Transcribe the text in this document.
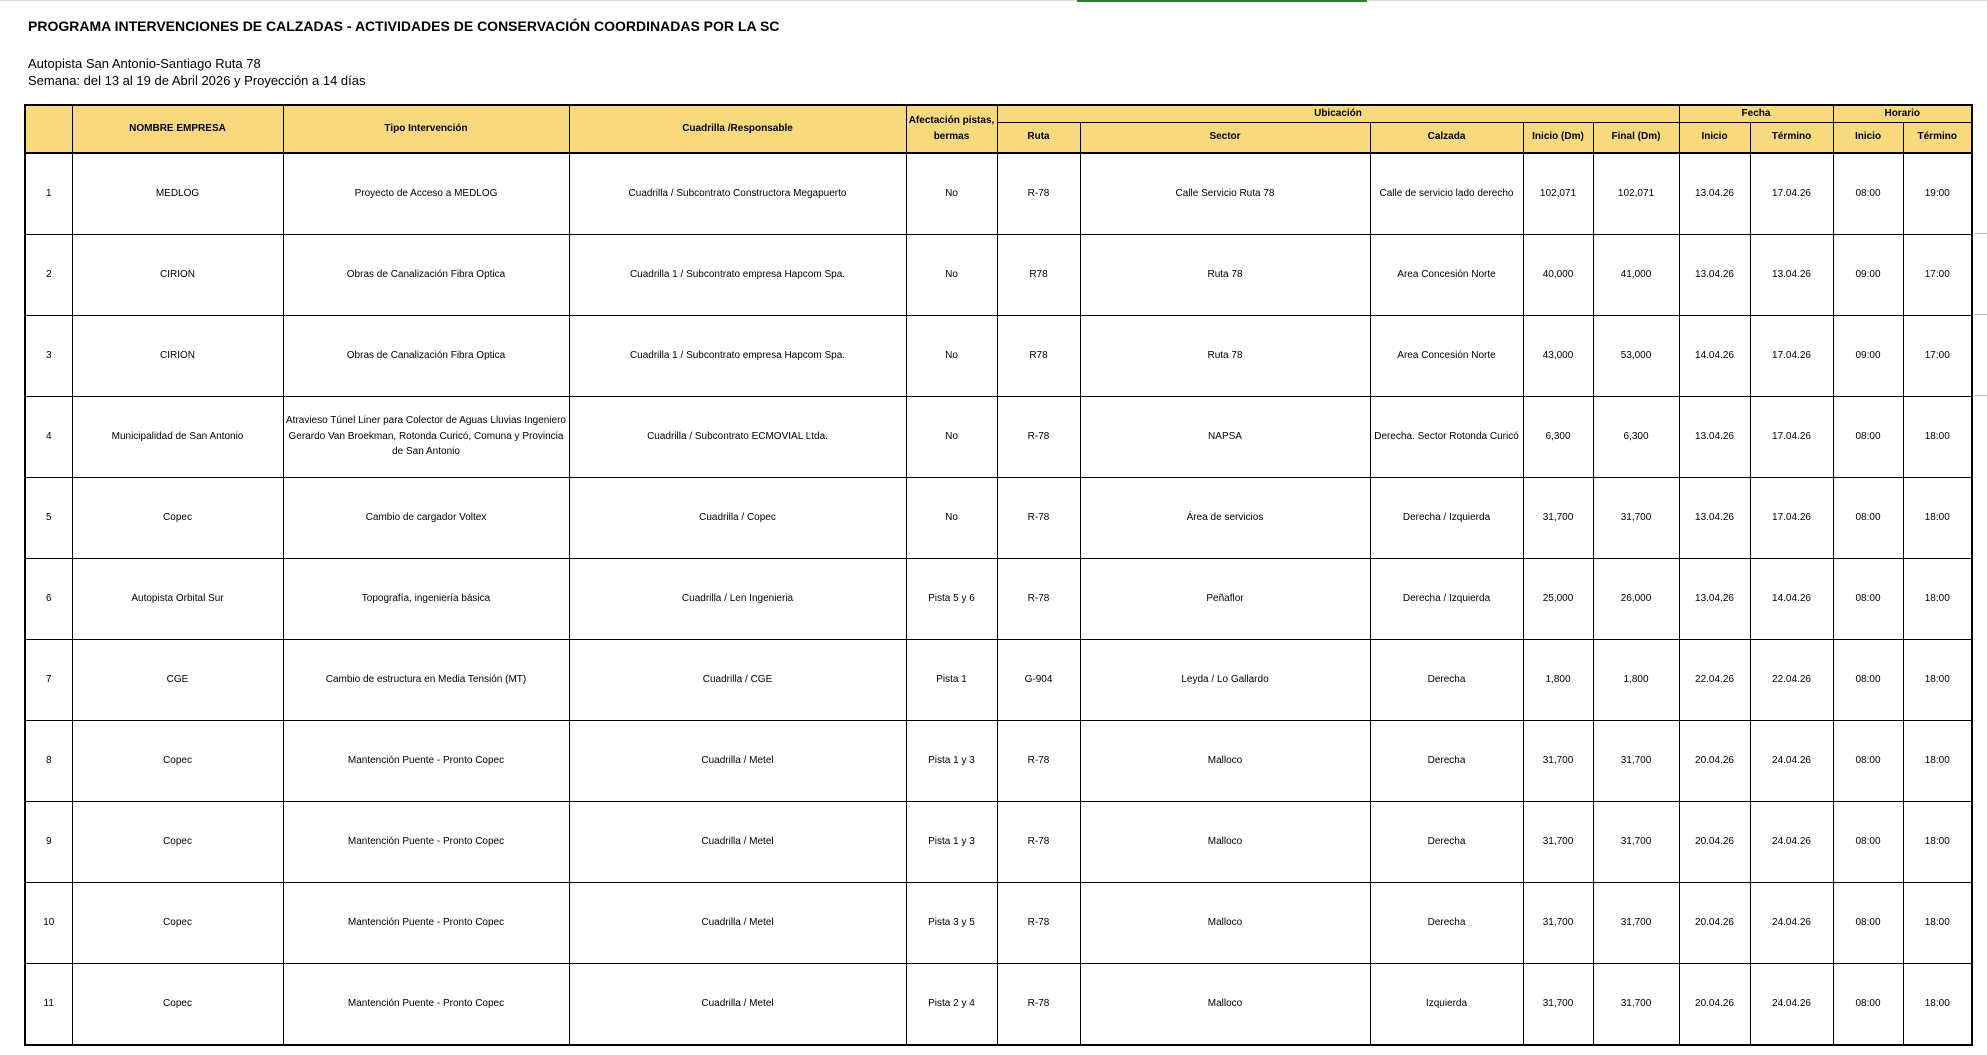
PROGRAMA INTERVENCIONES DE CALZADAS - ACTIVIDADES DE CONSERVACIÓN COORDINADAS POR LA SC
Autopista San Antonio-Santiago Ruta 78
Semana: del 13 al 19 de Abril 2026 y Proyección a 14 días
	NOMBRE EMPRESA	Tipo Intervención	Cuadrilla /Responsable	Afectación pistas, bermas	Ubicación					Fecha		Horario	
					Ruta	Sector	Calzada	Inicio (Dm)	Final (Dm)	Inicio	Término	Inicio	Término
1	MEDLOG	Proyecto de Acceso a MEDLOG	Cuadrilla / Subcontrato Constructora Megapuerto	No	R-78	Calle Servicio Ruta 78	Calle de servicio lado derecho	102,071	102,071	13.04.26	17.04.26	08:00	19:00
2	CIRION	Obras de Canalización Fibra Optica	Cuadrilla 1 / Subcontrato empresa Hapcom Spa.	No	R78	Ruta 78	Area Concesión Norte	40,000	41,000	13.04.26	13.04.26	09:00	17:00
3	CIRION	Obras de Canalización Fibra Optica	Cuadrilla 1 / Subcontrato empresa Hapcom Spa.	No	R78	Ruta 78	Area Concesión Norte	43,000	53,000	14.04.26	17.04.26	09:00	17:00
4	Municipalidad de San Antonio	Atravieso Túnel Liner para Colector de Aguas Lluvias Ingeniero Gerardo Van Broekman, Rotonda Curicó, Comuna y Provincia de San Antonio	Cuadrilla / Subcontrato ECMOVIAL Ltda.	No	R-78	NAPSA	Derecha. Sector Rotonda Curicó	6,300	6,300	13.04.26	17.04.26	08:00	18:00
5	Copec	Cambio de cargador Voltex	Cuadrilla / Copec	No	R-78	Área de servicios	Derecha / Izquierda	31,700	31,700	13.04.26	17.04.26	08:00	18:00
6	Autopista Orbital Sur	Topografía, ingeniería básica	Cuadrilla / Len Ingenieria	Pista 5 y 6	R-78	Peñaflor	Derecha / Izquierda	25,000	26,000	13.04.26	14.04.26	08:00	18:00
7	CGE	Cambio de estructura en Media Tensión (MT)	Cuadrilla / CGE	Pista 1	G-904	Leyda / Lo Gallardo	Derecha	1,800	1,800	22.04.26	22.04.26	08:00	18:00
8	Copec	Mantención Puente - Pronto Copec	Cuadrilla / Metel	Pista 1 y 3	R-78	Malloco	Derecha	31,700	31,700	20.04.26	24.04.26	08:00	18:00
9	Copec	Mantención Puente - Pronto Copec	Cuadrilla / Metel	Pista 1 y 3	R-78	Malloco	Derecha	31,700	31,700	20.04.26	24.04.26	08:00	18:00
10	Copec	Mantención Puente - Pronto Copec	Cuadrilla / Metel	Pista 3 y 5	R-78	Malloco	Derecha	31,700	31,700	20.04.26	24.04.26	08:00	18:00
11	Copec	Mantención Puente - Pronto Copec	Cuadrilla / Metel	Pista 2 y 4	R-78	Malloco	Izquierda	31,700	31,700	20.04.26	24.04.26	08:00	18:00
